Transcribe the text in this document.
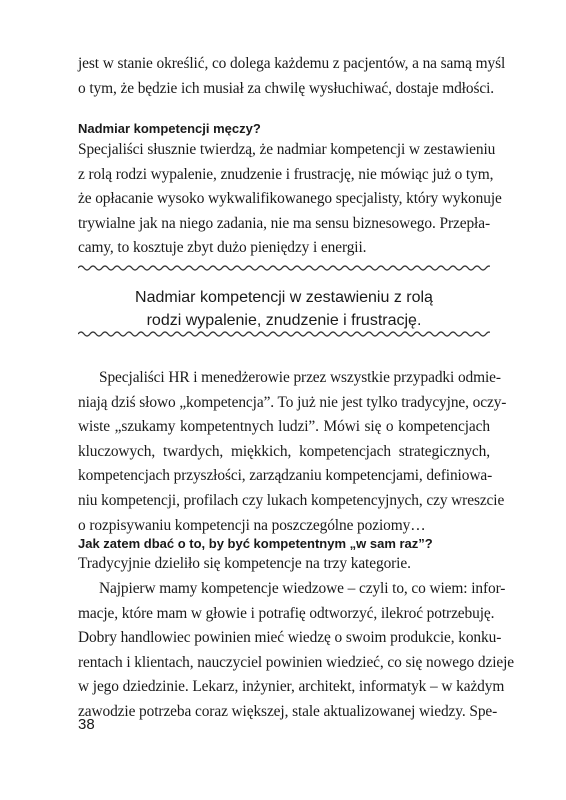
jest w stanie określić, co dolega każdemu z pacjentów, a na samą myśl
o tym, że będzie ich musiał za chwilę wysłuchiwać, dostaje mdłości.

Nadmiar kompetencji męczy?

Specjaliści słusznie twierdzą, że nadmiar kompetencji w zestawieniu
z rolą rodzi wypalenie, znudzenie i frustrację, nie mówiąc już o tym,
że opłacanie wysoko wykwalifikowanego specjalisty, który wykonuje
trywialne jak na niego zadania, nie ma sensu biznesowego. Przepła-
camy, to kosztuje zbyt dużo pieniędzy i energii.

Nadmiar kompetencji w zestawieniu z rolą
rodzi wypalenie, znudzenie i frustrację.

Specjaliści HR i menedżerowie przez wszystkie przypadki odmie-
niają dziś słowo „kompetencja”. To już nie jest tylko tradycyjne, oczy-
wiste „szukamy kompetentnych ludzi”. Mówi się o kompetencjach
kluczowych, twardych, miękkich, kompetencjach strategicznych,
kompetencjach przyszłości, zarządzaniu kompetencjami, definiowa-
niu kompetencji, profilach czy lukach kompetencyjnych, czy wreszcie
o rozpisywaniu kompetencji na poszczególne poziomy…

Jak zatem dbać o to, by być kompetentnym „w sam raz”?

Tradycyjnie dzieliło się kompetencje na trzy kategorie.

Najpierw mamy kompetencje wiedzowe – czyli to, co wiem: infor-
macje, które mam w głowie i potrafię odtworzyć, ilekroć potrzebuję.
Dobry handlowiec powinien mieć wiedzę o swoim produkcie, konku-
rentach i klientach, nauczyciel powinien wiedzieć, co się nowego dzieje
w jego dziedzinie. Lekarz, inżynier, architekt, informatyk – w każdym
zawodzie potrzeba coraz większej, stale aktualizowanej wiedzy. Spe-

38
